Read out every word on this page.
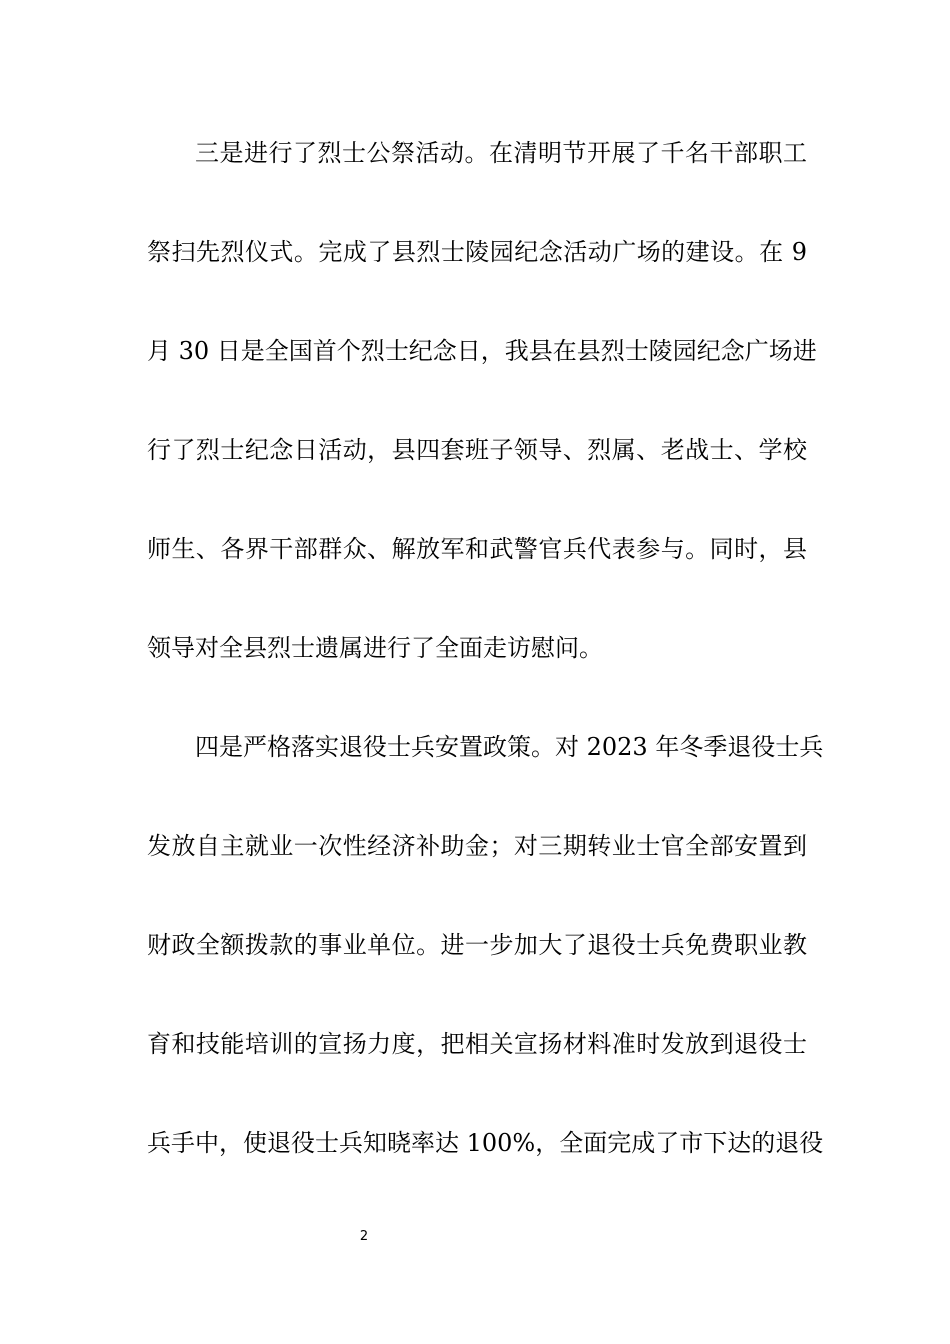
三是进行了烈士公祭活动。在清明节开展了千名干部职工
祭扫先烈仪式。完成了县烈士陵园纪念活动广场的建设。在 9
月 30 日是全国首个烈士纪念日，我县在县烈士陵园纪念广场进
行了烈士纪念日活动，县四套班子领导、烈属、老战士、学校
师生、各界干部群众、解放军和武警官兵代表参与。同时，县
领导对全县烈士遗属进行了全面走访慰问。
四是严格落实退役士兵安置政策。对 2023 年冬季退役士兵
发放自主就业一次性经济补助金；对三期转业士官全部安置到
财政全额拨款的事业单位。进一步加大了退役士兵免费职业教
育和技能培训的宣扬力度，把相关宣扬材料准时发放到退役士
兵手中，使退役士兵知晓率达 100%，全面完成了市下达的退役
2
